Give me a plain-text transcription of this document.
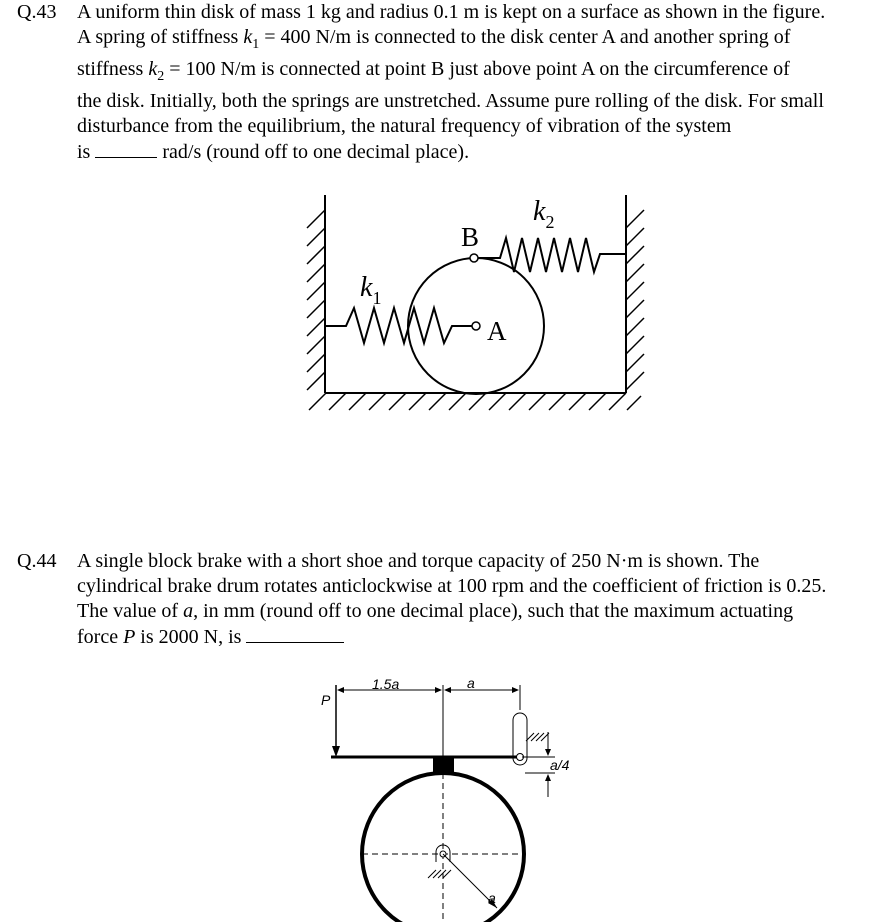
Q.43 A uniform thin disk of mass 1 kg and radius 0.1 m is kept on a surface as shown in the figure.
A spring of stiffness $k_1 = 400$ N/m is connected to the disk center A and another spring of
stiffness $k_2 = 100$ N/m is connected at point B just above point A on the circumference of
the disk. Initially, both the springs are unstretched. Assume pure rolling of the disk. For small
disturbance from the equilibrium, the natural frequency of vibration of the system
is	rad/s (round off to one decimal place).
B
A
$k_1$
$k_2$
Q.44 A single block brake with a short shoe and torque capacity of 250 N·m is shown. The
cylindrical brake drum rotates anticlockwise at 100 rpm and the coefficient of friction is 0.25.
The value of a, in mm (round off to one decimal place), such that the maximum actuating
force P is 2000 N, is
P
1.5a	a
a/4
a
